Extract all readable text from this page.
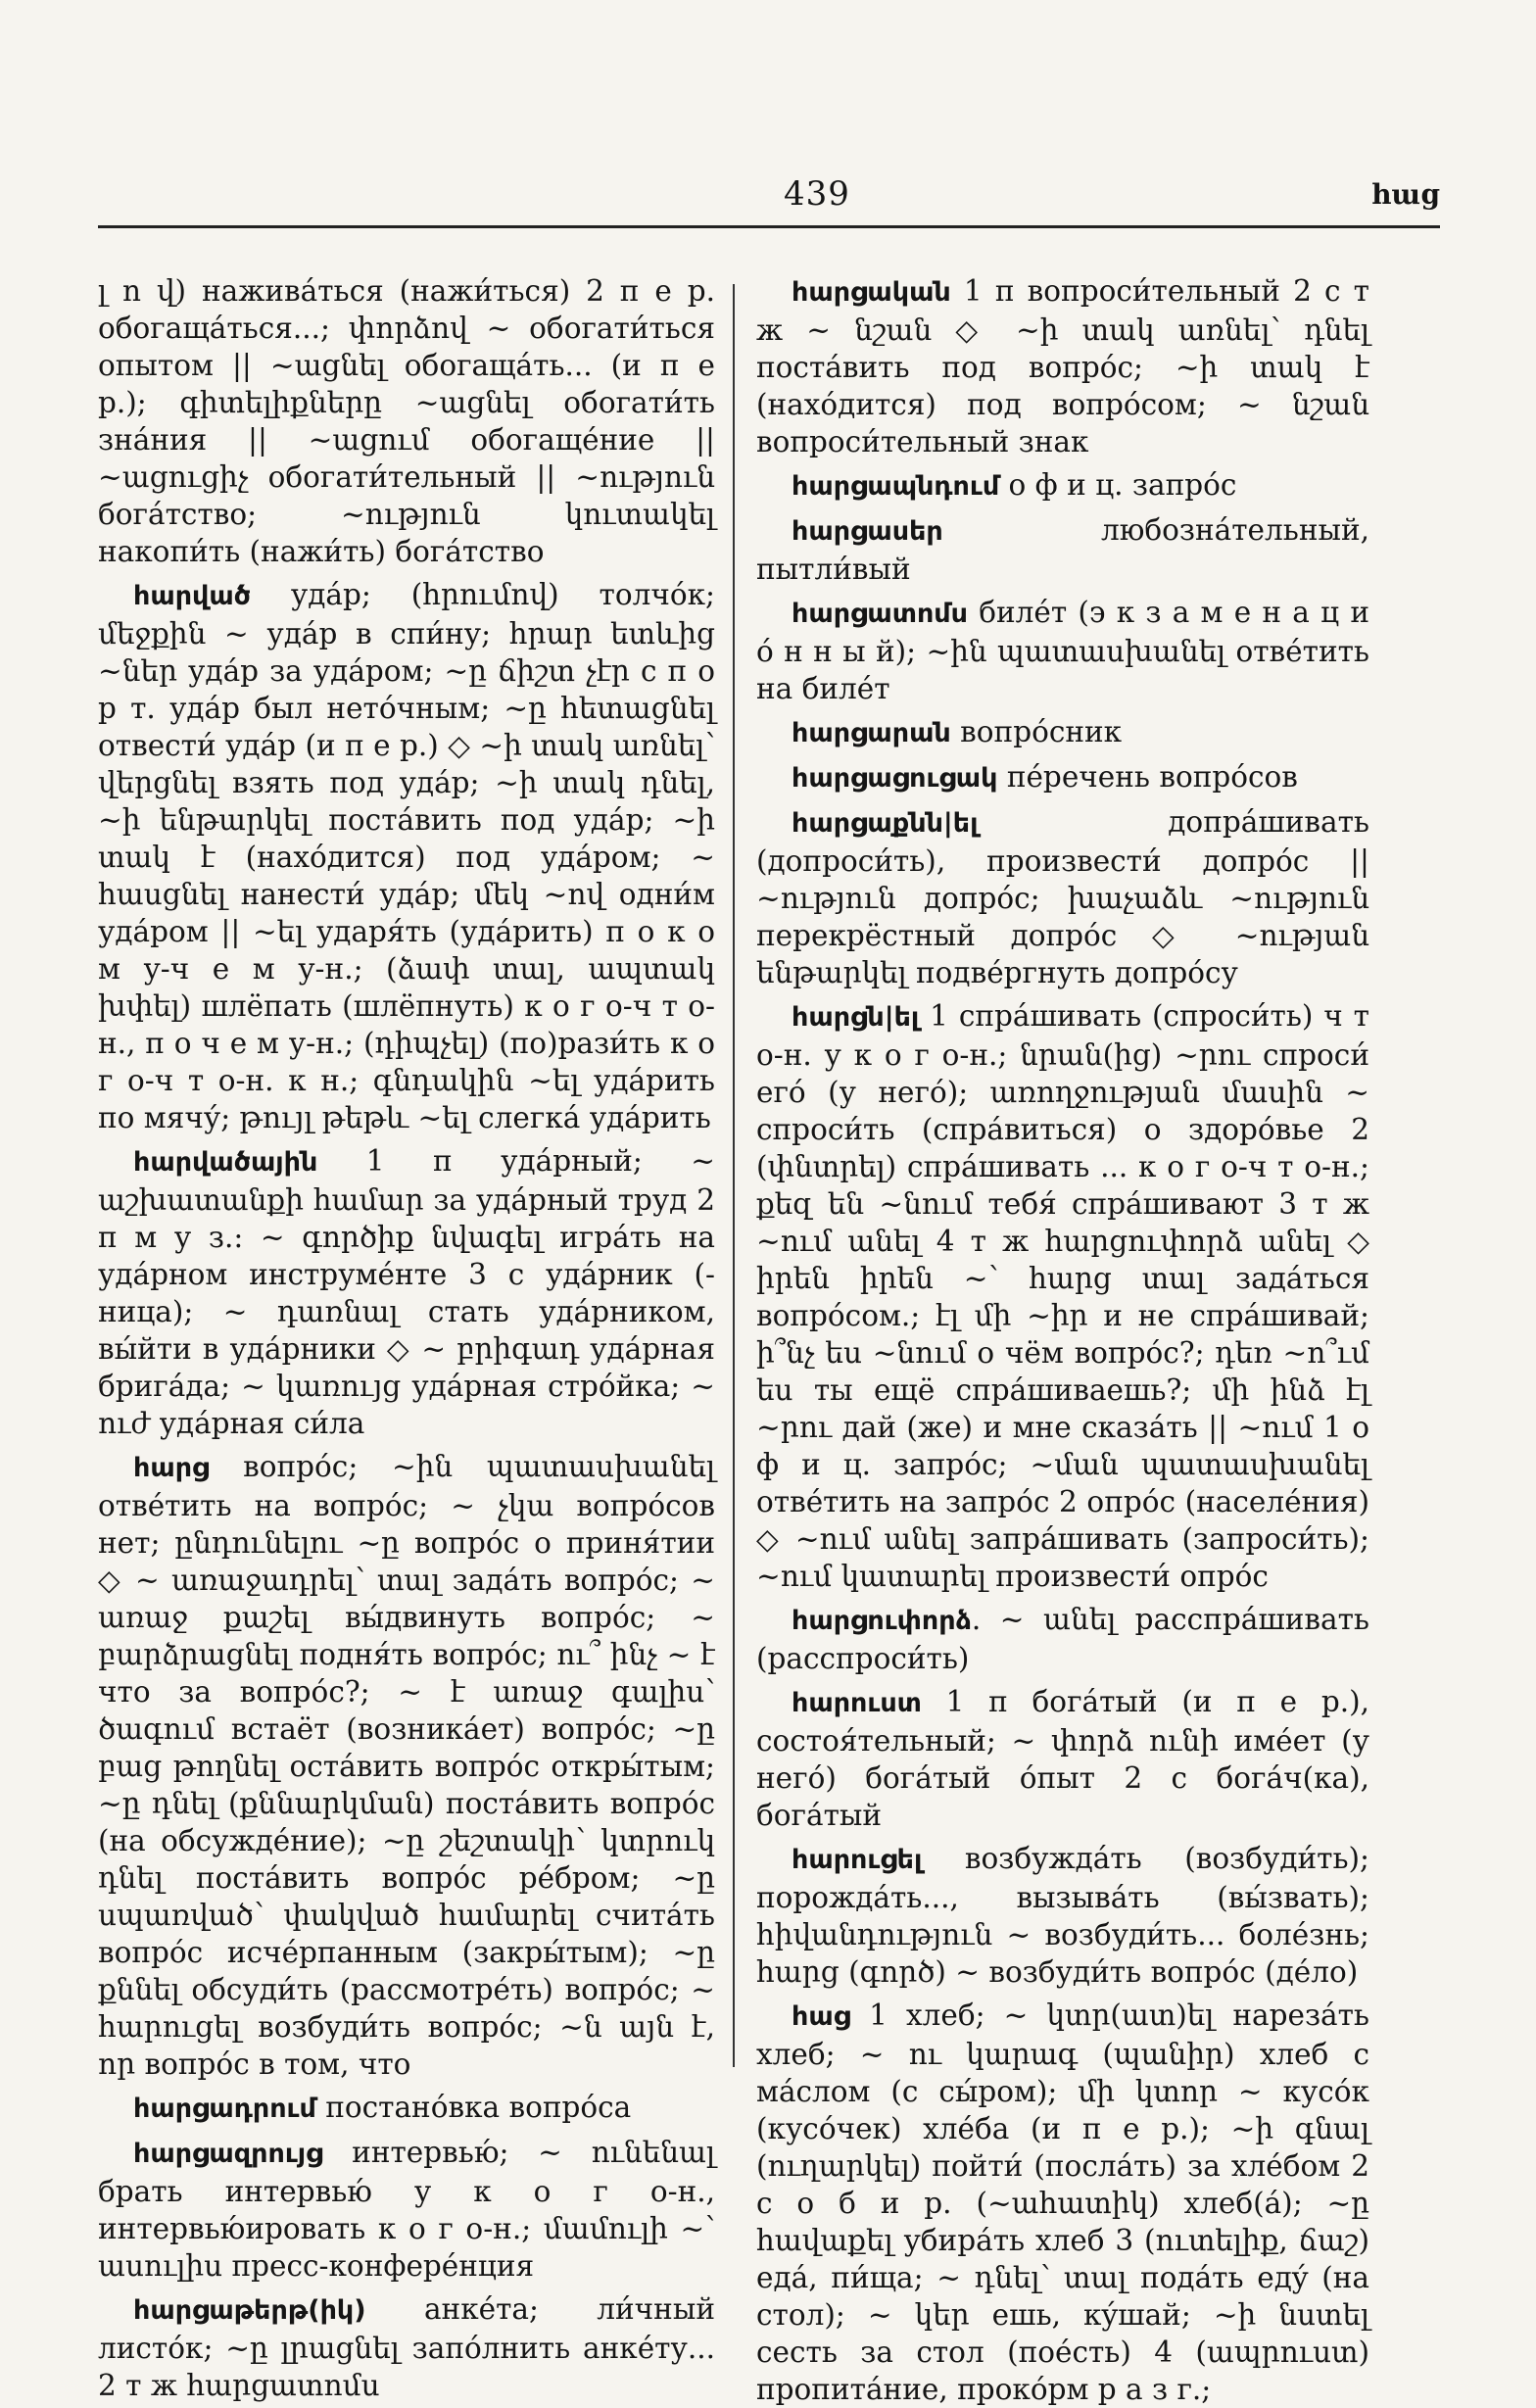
439	հաց

լ ո վ) наживáться (нажи́ться) 2 п е р. обогащáться...; փորձով ~ обогати́ться опытом || ~ացնել обогащáть... (и п е р.); գիտելիքները ~ացնել обогати́ть знáния || ~ացում обогащéние || ~ացուցիչ обогати́тельный || ~ություն богáтство; ~ություն կուտակել накопи́ть (нажи́ть) богáтство

հարված удáр; (հրումով) толчóк; մեջքին ~ удáр в спи́ну; հրար ետևից ~ներ удáр за удáром; ~ը ճիշտ չէր с п о р т. удáр был нетóчным; ~ը հետացնել отвести́ удáр (и п е р.) ◇ ~ի տակ առնել՝ վերցնել взять под удáр; ~ի տակ դնել, ~ի ենթարկել постáвить под удáр; ~ի տակ է (нахóдится) под удáром; ~ հասցնել нанести́ удáр; մեկ ~ով одни́м удáром || ~ել ударя́ть (удáрить) п о к о м у-ч е м у-н.; (ձափ տալ, ապտակ խփել) шлёпать (шлёпнуть) к о г о-ч т о-н., п о ч е м у-н.; (դիպչել) (по)рази́ть к о г о-ч т о-н. к н.; գնդակին ~ել удáрить по мячу́; թույլ թեթև ~ել слегкá удáрить

հարվածային 1 п удáрный; ~ աշխատանքի համար за удáрный труд 2 п м у з.: ~ գործիք նվագել игрáть на удáрном инструмéнте 3 с удáрник (-ница); ~ դառնալ стать удáрником, вы́йти в удáрники ◇ ~ բրիգադ удáрная бригáда; ~ կառույց удáрная стрóйка; ~ ուժ удáрная си́ла

հարց вопрóс; ~ին պատասխանել отвéтить на вопрóс; ~ չկա вопрóсов нет; ընդունելու ~ը вопрóс о приня́тии ◇ ~ առաջադրել՝ տալ задáть вопрóс; ~ առաջ քաշել вы́двинуть вопрóс; ~ բարձրացնել подня́ть вопрóс; ու՞ ինչ ~ է что за вопрóс?; ~ է առաջ գալիս՝ ծագում встаёт (возникáет) вопрóс; ~ը բաց թողնել остáвить вопрóс откры́тым; ~ը դնել (քննարկման) постáвить вопрóс (на обсуждéние); ~ը շեշտակի՝ կտրուկ դնել постáвить вопрóс рéбром; ~ը սպառված՝ փակված համարել считáть вопрóс исчéрпанным (закры́тым); ~ը քննել обсуди́ть (рассмотрéть) вопрóс; ~ հարուցել возбуди́ть вопрóс; ~ն այն է, որ вопрóс в том, что

հարցադրում постанóвка вопрóса

հարցազրույց интервью́; ~ ունենալ брать интервью́ у к о г о-н., интервью́ировать к о г о-н.; մամուլի ~՝ ասուլիս пресс-конферéнция

հարցաթերթ(իկ) анкéта; ли́чный листóк; ~ը լրացնել запóлнить анкéту... 2 т ж հարցատոմս

հարցական 1 п вопроси́тельный 2 с т ж ~ նշան ◇ ~ի տակ առնել՝ դնել постáвить под вопрóс; ~ի տակ է (нахóдится) под вопрóсом; ~ նշան вопроси́тельный знак

հարցապնդում о ф и ц. запрóс

հարցասեր любознáтельный, пытли́вый

հարցատոմս билéт (э к з а м е н а ц и о́ н н ы й); ~ին պատասխանել отвéтить на билéт

հարցարան вопрóсник

հարցացուցակ пéречень вопрóсов

հարցաքնն|ել допрáшивать (допроси́ть), произвести́ допрóс || ~ություն допрóс; խաչաձև ~ություն перекрёстный допрóс ◇ ~ության ենթարկել подвéргнуть допрóсу

հարցն|ել 1 спрáшивать (спроси́ть) ч т о-н. у к о г о-н.; նրան(ից) ~րու спроси́ его́ (у негó); առողջության մասին ~ спроси́ть (спрáвиться) о здорóвье 2 (փնտրել) спрáшивать ... к о г о-ч т о-н.; քեզ են ~նում тебя́ спрáшивают 3 т ж ~ում անել 4 т ж հարցուփորձ անել ◇ իրեն իրեն ~՝ հարց տալ задáться вопрóсом.; էլ մի ~իր и не спрáшивай; ի՞նչ ես ~նում о чём вопрóс?; դեռ ~ո՞ւմ ես ты ещё спрáшиваешь?; մի ինձ էլ ~րու дай (же) и мне сказáть || ~ում 1 о ф и ц. запрóс; ~ման պատասխանել отвéтить на запрóс 2 опрóс (населéния) ◇ ~ում անել запрáшивать (запроси́ть); ~ում կատարել произвести́ опрóс

հարցուփորձ. ~ անել расспрáшивать (расспроси́ть)

հարուստ 1 п богáтый (и п е р.), состоя́тельный; ~ փորձ ունի имéет (у негó) богáтый óпыт 2 с богáч(ка), богáтый

հարուցել возбуждáть (возбуди́ть); порождáть..., вызывáть (вы́звать); հիվանդություն ~ возбуди́ть... болéзнь; հարց (գործ) ~ возбуди́ть вопрóс (дéло)

հաց 1 хлеб; ~ կտր(ատ)ել нарезáть хлеб; ~ ու կարագ (պանիր) хлеб с мáслом (с сы́ром); մի կտոր ~ кусóк (кусóчек) хлéба (и п е р.); ~ի գնալ (ուղարկել) пойти́ (послáть) за хлéбом 2 с о б и р. (~ահատիկ) хлеб(á); ~ը հավաքել убирáть хлеб 3 (ուտելիք, ճաշ) едá, пи́ща; ~ դնել՝ տալ подáть едý (на стол); ~ կեր ешь, кýшай; ~ի նստել сесть за стол (поéсть) 4 (ապրուստ) пропитáние, прокóрм р а з г.;
